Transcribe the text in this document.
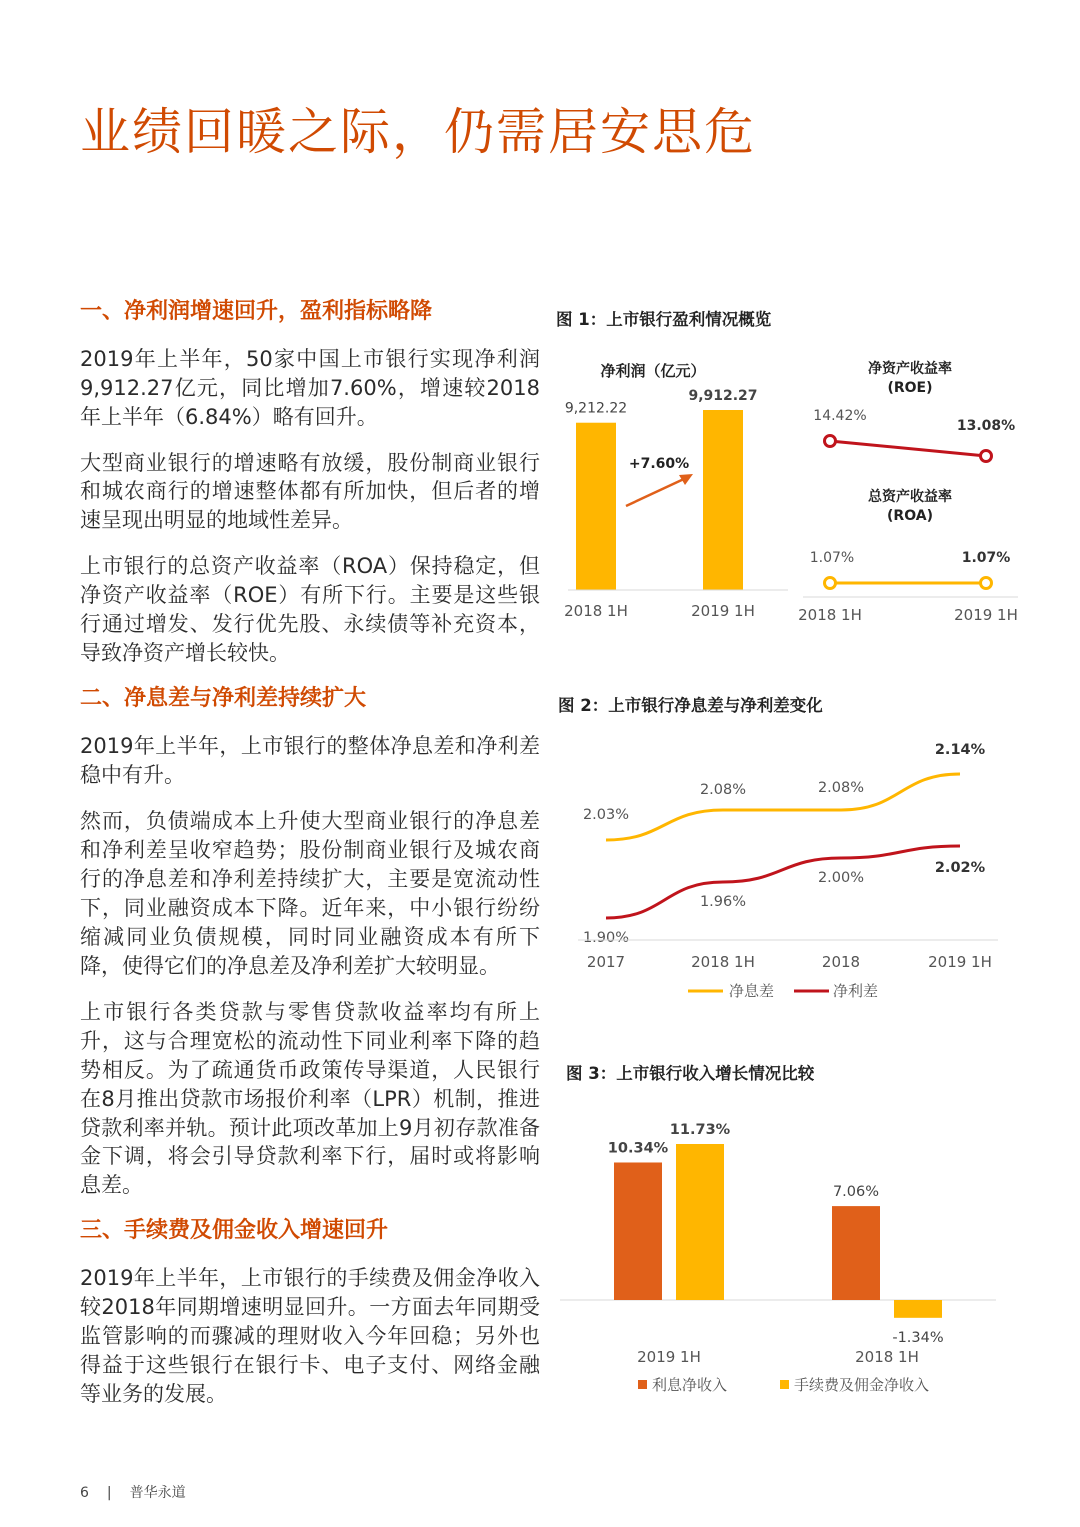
业绩回暖之际，仍需居安思危
一、净利润增速回升，盈利指标略降

2019年上半年，50家中国上市银行实现净利润9,912.27亿元，同比增加7.60%，增速较2018年上半年（6.84%）略有回升。

大型商业银行的增速略有放缓，股份制商业银行和城农商行的增速整体都有所加快，但后者的增速呈现出明显的地域性差异。

上市银行的总资产收益率（ROA）保持稳定，但净资产收益率（ROE）有所下行。主要是这些银行通过增发、发行优先股、永续债等补充资本，导致净资产增长较快。

二、净息差与净利差持续扩大

2019年上半年，上市银行的整体净息差和净利差稳中有升。

然而，负债端成本上升使大型商业银行的净息差和净利差呈收窄趋势；股份制商业银行及城农商行的净息差和净利差持续扩大，主要是宽流动性下，同业融资成本下降。近年来，中小银行纷纷缩减同业负债规模，同时同业融资成本有所下降，使得它们的净息差及净利差扩大较明显。

上市银行各类贷款与零售贷款收益率均有所上升，这与合理宽松的流动性下同业利率下降的趋势相反。为了疏通货币政策传导渠道，人民银行在8月推出贷款市场报价利率（LPR）机制，推进贷款利率并轨。预计此项改革加上9月初存款准备金下调，将会引导贷款利率下行，届时或将影响息差。

三、手续费及佣金收入增速回升

2019年上半年，上市银行的手续费及佣金净收入较2018年同期增速明显回升。一方面去年同期受监管影响的而骤减的理财收入今年回稳；另外也得益于这些银行在银行卡、电子支付、网络金融等业务的发展。

图 1：上市银行盈利情况概览
净利润（亿元）
9,212.22
2018 1H
9,912.27
2019 1H
+7.60%
净资产收益率
(ROE)
14.42%
13.08%
总资产收益率
(ROA)
1.07%	1.07%
2018 1H	2019 1H
图 2：上市银行净息差与净利差变化
2.03%
2.08%	2.08%
2.14%
1.90%
1.96%
2.00%
2.02%
2017	2018 1H	2018	2019 1H
净息差	净利差
图 3：上市银行收入增长情况比较
10.34%
7.06%
11.73%
-1.34%
2019 1H	2018 1H
利息净收入	手续费及佣金净收入
6 | 普华永道
